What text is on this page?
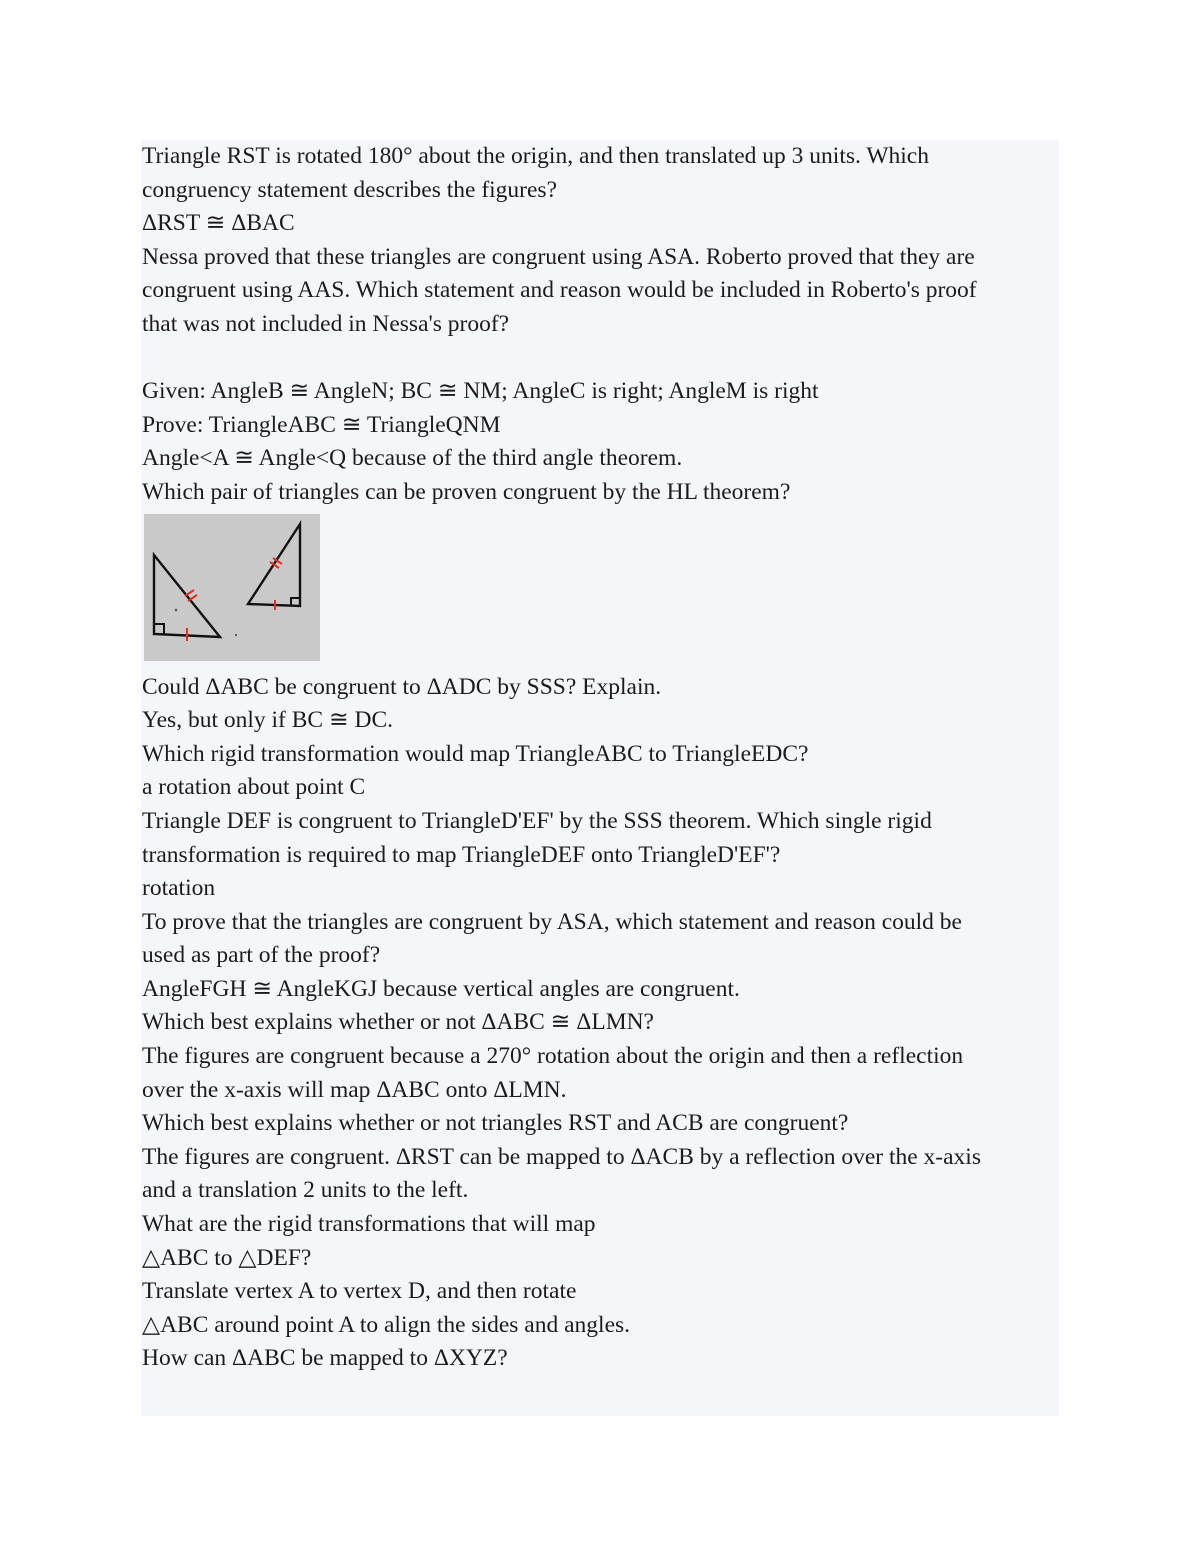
Triangle RST is rotated 180° about the origin, and then translated up 3 units. Which
congruency statement describes the figures?
ΔRST ≅ ΔBAC
Nessa proved that these triangles are congruent using ASA. Roberto proved that they are
congruent using AAS. Which statement and reason would be included in Roberto's proof
that was not included in Nessa's proof?
Given: AngleB ≅ AngleN; BC ≅ NM; AngleC is right; AngleM is right
Prove: TriangleABC ≅ TriangleQNM
Angle<A ≅ Angle<Q because of the third angle theorem.
Which pair of triangles can be proven congruent by the HL theorem?
Could ΔABC be congruent to ΔADC by SSS? Explain.
Yes, but only if BC ≅ DC.
Which rigid transformation would map TriangleABC to TriangleEDC?
a rotation about point C
Triangle DEF is congruent to TriangleD'EF' by the SSS theorem. Which single rigid
transformation is required to map TriangleDEF onto TriangleD'EF'?
rotation
To prove that the triangles are congruent by ASA, which statement and reason could be
used as part of the proof?
AngleFGH ≅ AngleKGJ because vertical angles are congruent.
Which best explains whether or not ΔABC ≅ ΔLMN?
The figures are congruent because a 270° rotation about the origin and then a reflection
over the x-axis will map ΔABC onto ΔLMN.
Which best explains whether or not triangles RST and ACB are congruent?
The figures are congruent. ΔRST can be mapped to ΔACB by a reflection over the x-axis
and a translation 2 units to the left.
What are the rigid transformations that will map
△ABC to △DEF?
Translate vertex A to vertex D, and then rotate
△ABC around point A to align the sides and angles.
How can ΔABC be mapped to ΔXYZ?
